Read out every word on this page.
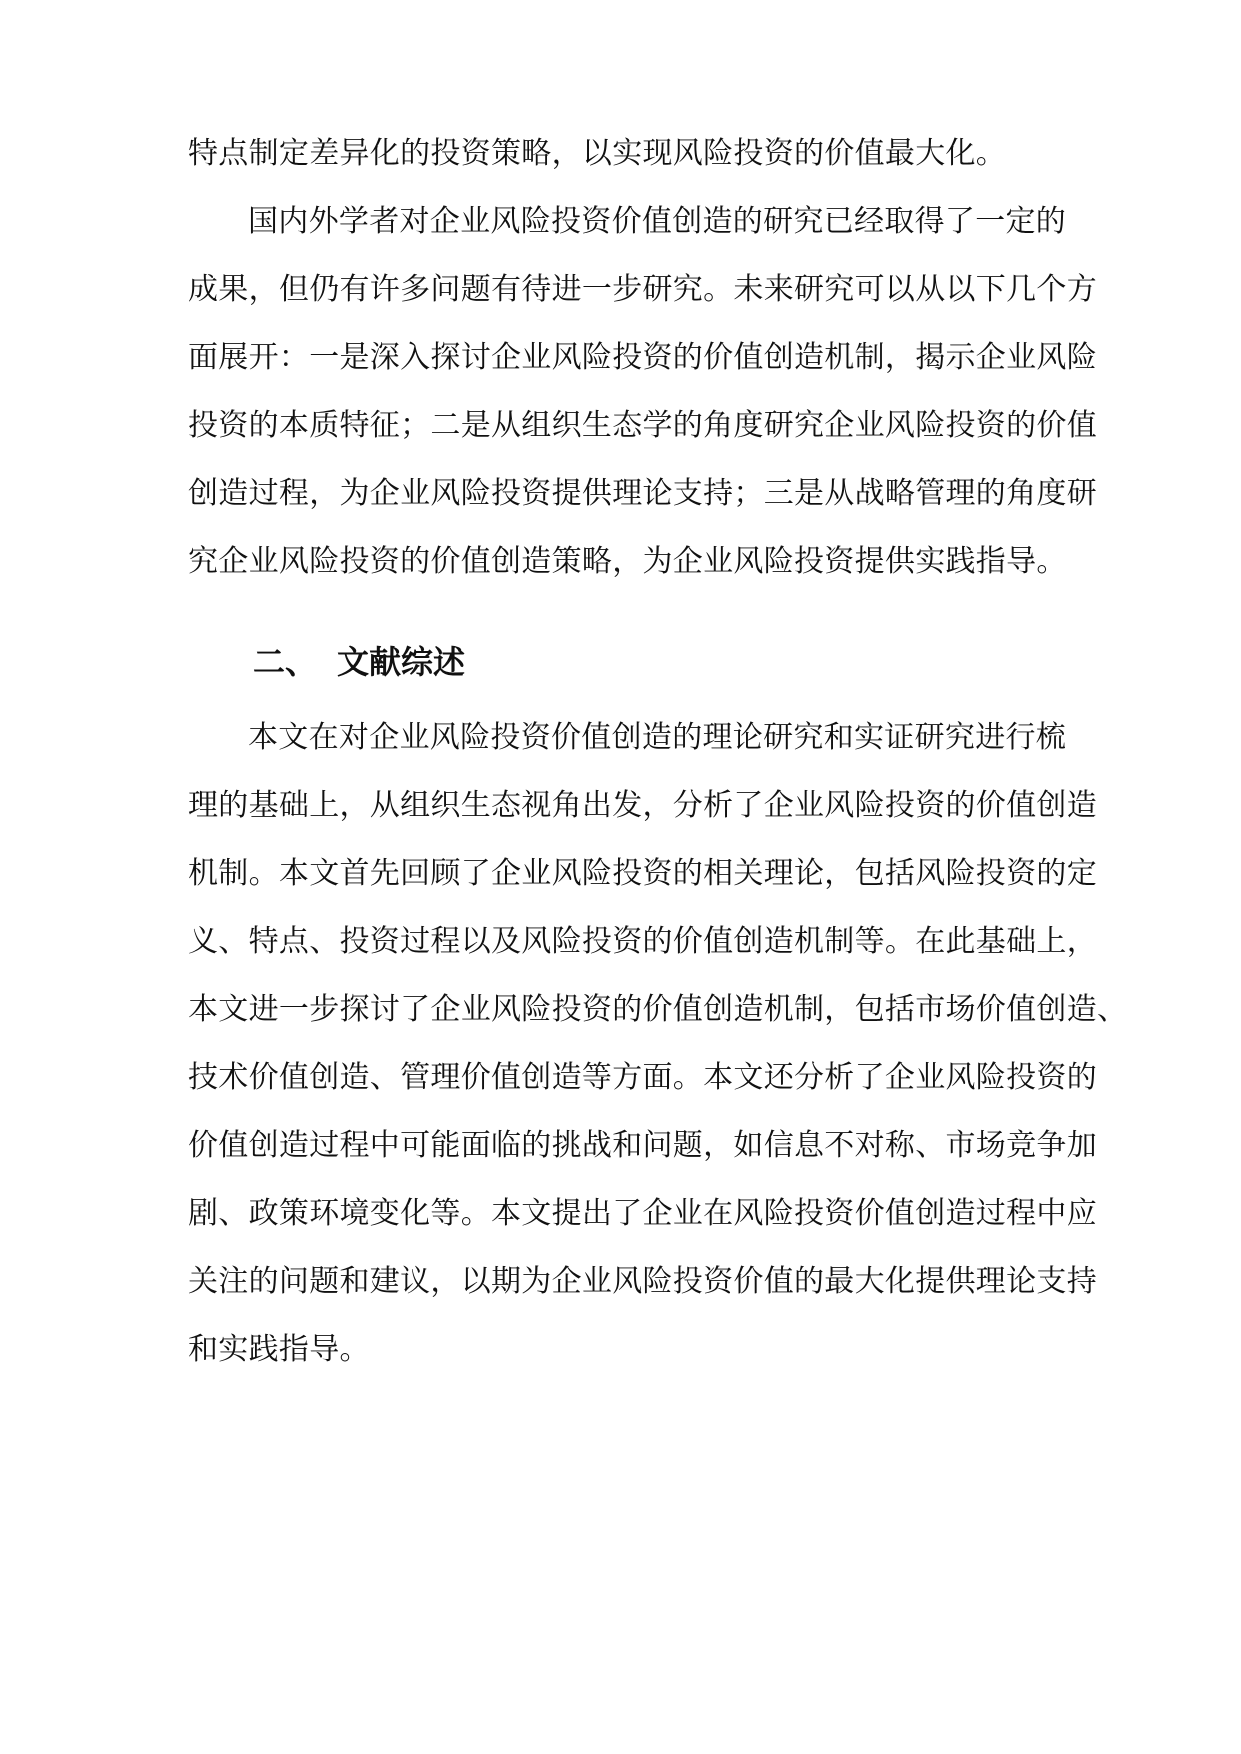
特点制定差异化的投资策略，以实现风险投资的价值最大化。
国内外学者对企业风险投资价值创造的研究已经取得了一定的
成果，但仍有许多问题有待进一步研究。未来研究可以从以下几个方
面展开：一是深入探讨企业风险投资的价值创造机制，揭示企业风险
投资的本质特征；二是从组织生态学的角度研究企业风险投资的价值
创造过程，为企业风险投资提供理论支持；三是从战略管理的角度研
究企业风险投资的价值创造策略，为企业风险投资提供实践指导。
二、 文献综述
本文在对企业风险投资价值创造的理论研究和实证研究进行梳
理的基础上，从组织生态视角出发，分析了企业风险投资的价值创造
机制。本文首先回顾了企业风险投资的相关理论，包括风险投资的定
义、特点、投资过程以及风险投资的价值创造机制等。在此基础上，
本文进一步探讨了企业风险投资的价值创造机制，包括市场价值创造、
技术价值创造、管理价值创造等方面。本文还分析了企业风险投资的
价值创造过程中可能面临的挑战和问题，如信息不对称、市场竞争加
剧、政策环境变化等。本文提出了企业在风险投资价值创造过程中应
关注的问题和建议，以期为企业风险投资价值的最大化提供理论支持
和实践指导。
